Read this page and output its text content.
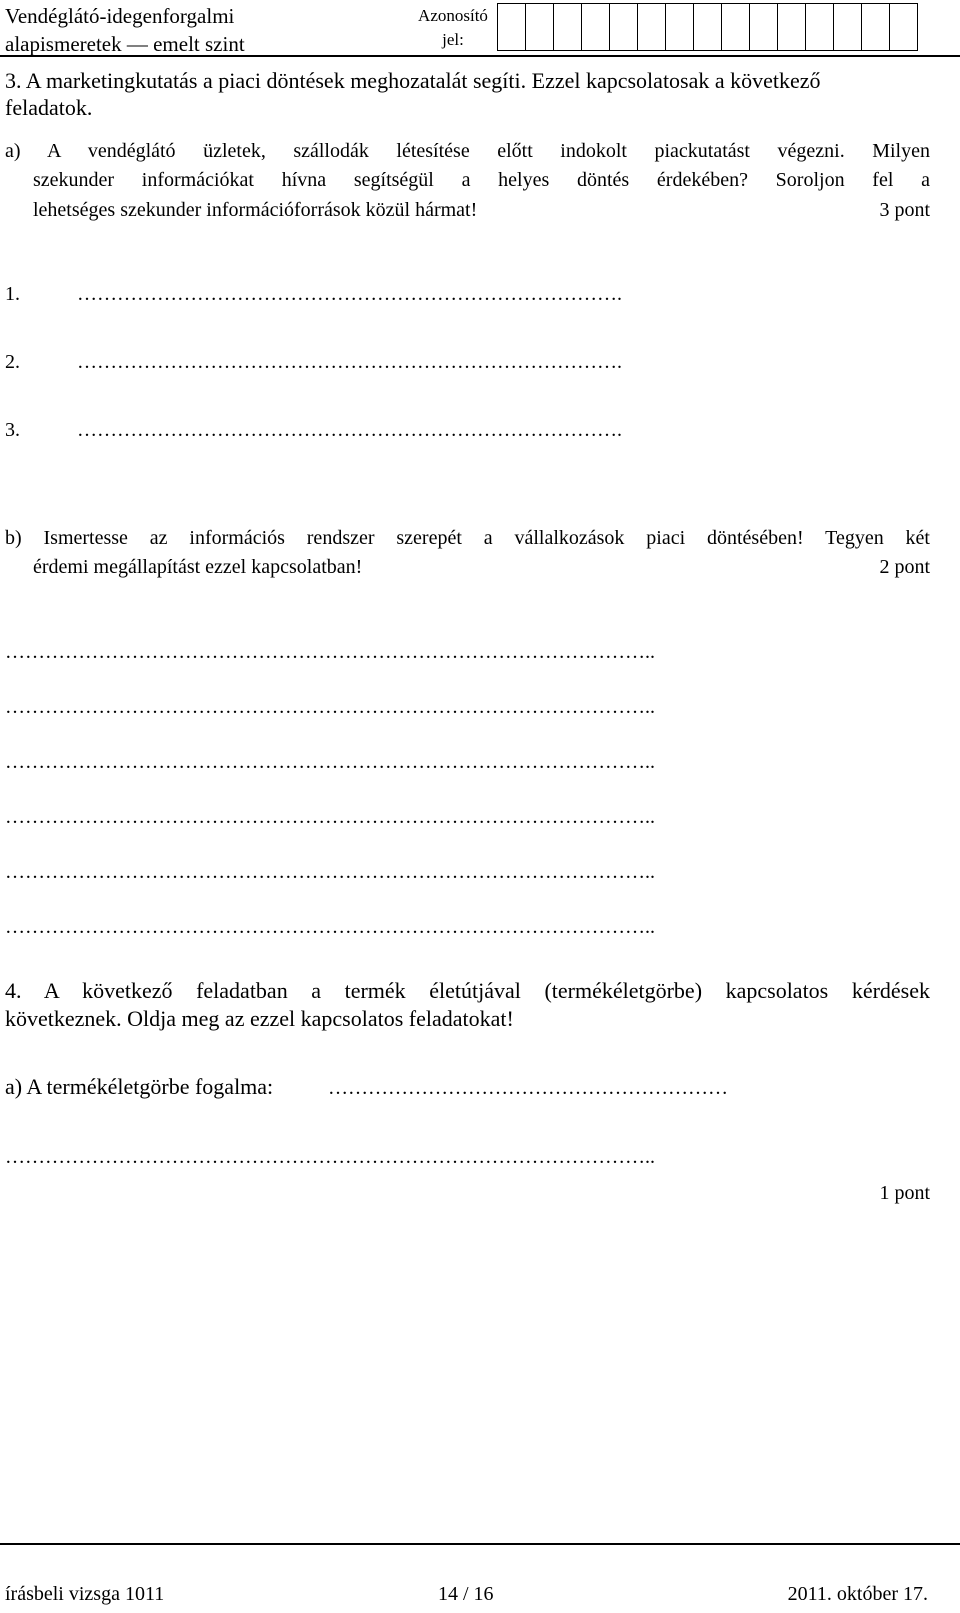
Vendéglátó-idegenforgalmi
alapismeretek — emelt szint
Azonosító jel:
3. A marketingkutatás a piaci döntések meghozatalát segíti. Ezzel kapcsolatosak a következő
feladatok.
a) A vendéglátó üzletek, szállodák létesítése előtt indokolt piackutatást végezni. Milyen
szekunder információkat hívna segítségül a helyes döntés érdekében? Soroljon fel a
lehetséges szekunder információforrások közül hármat!	3 pont
1.	……………………………………………………………………….
2.	……………………………………………………………………….
3.	……………………………………………………………………….
b) Ismertesse az információs rendszer szerepét a vállalkozások piaci döntésében! Tegyen két
érdemi megállapítást ezzel kapcsolatban!	2 pont
……………………………………………………………………………………..
……………………………………………………………………………………..
……………………………………………………………………………………..
……………………………………………………………………………………..
……………………………………………………………………………………..
……………………………………………………………………………………..
4. A következő feladatban a termék életútjával (termékéletgörbe) kapcsolatos kérdések
következnek. Oldja meg az ezzel kapcsolatos feladatokat!
a) A termékéletgörbe fogalma:	……………………………………………………
……………………………………………………………………………………..
1 pont
írásbeli vizsga 1011	14 / 16	2011. október 17.
